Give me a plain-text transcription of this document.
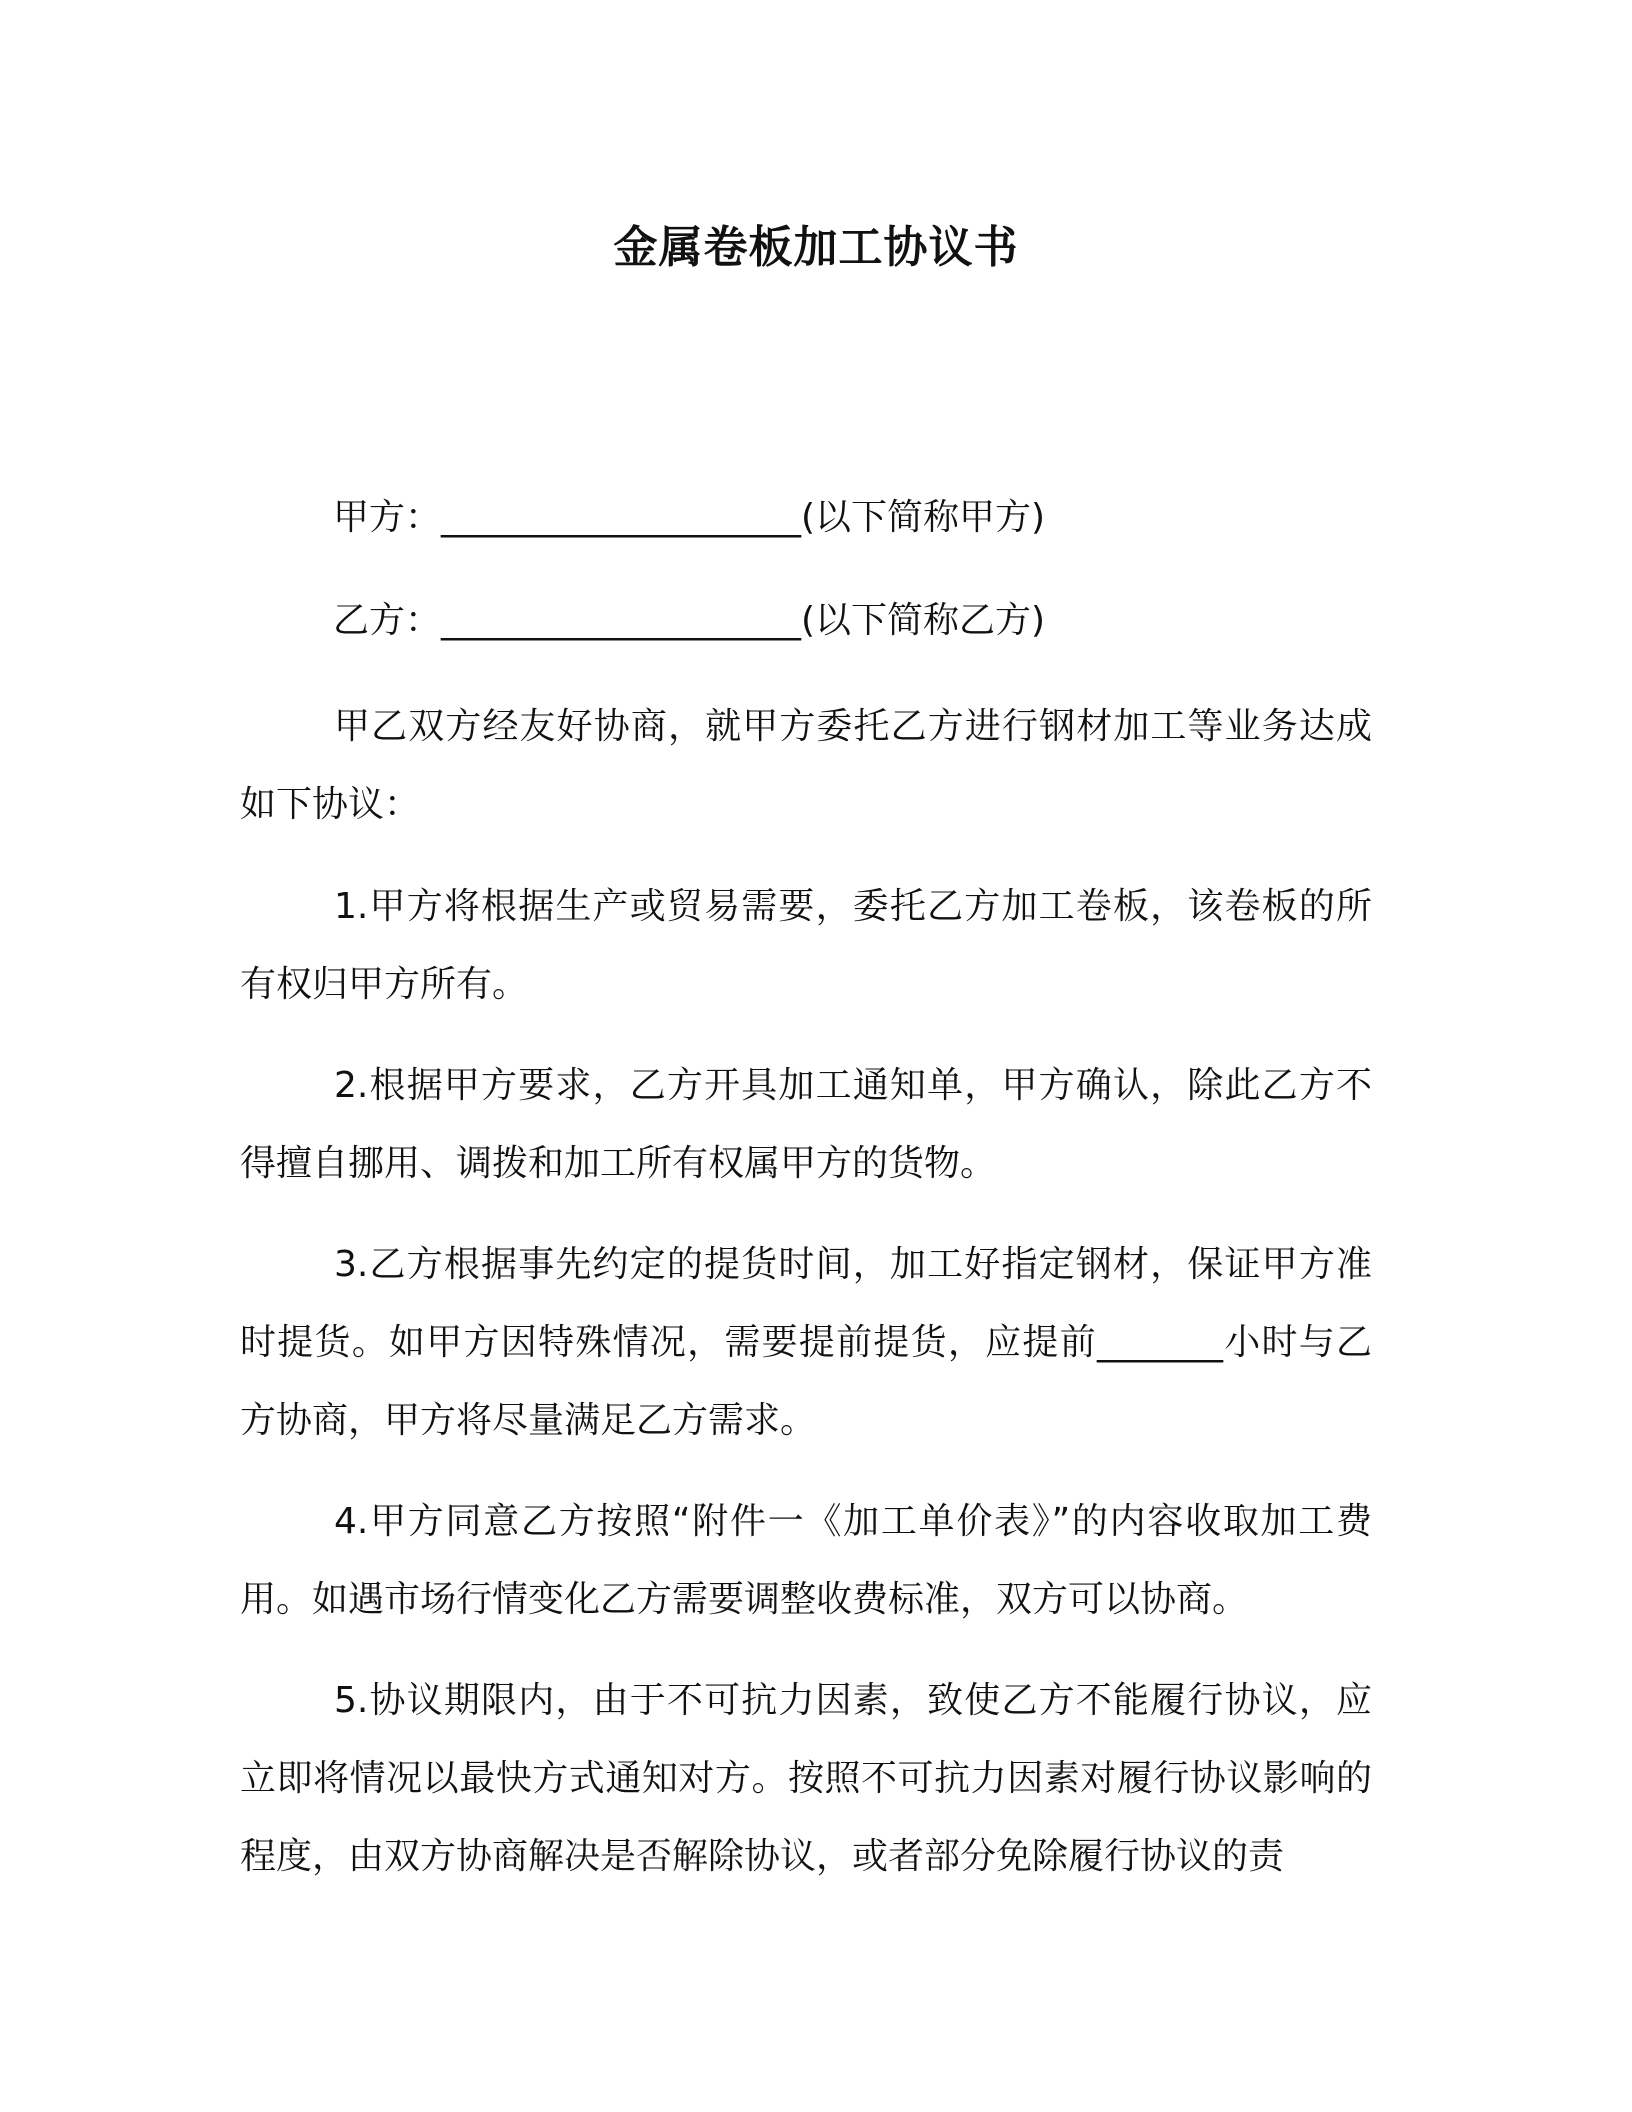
金属卷板加工协议书
甲方：____________________(以下简称甲方)
乙方：____________________(以下简称乙方)
甲乙双方经友好协商，就甲方委托乙方进行钢材加工等业务达成如下协议：
1.甲方将根据生产或贸易需要，委托乙方加工卷板，该卷板的所有权归甲方所有。
2.根据甲方要求，乙方开具加工通知单，甲方确认，除此乙方不得擅自挪用、调拨和加工所有权属甲方的货物。
3.乙方根据事先约定的提货时间，加工好指定钢材，保证甲方准时提货。如甲方因特殊情况，需要提前提货，应提前_______小时与乙方协商，甲方将尽量满足乙方需求。
4.甲方同意乙方按照“附件一《加工单价表》”的内容收取加工费用。如遇市场行情变化乙方需要调整收费标准，双方可以协商。
5.协议期限内，由于不可抗力因素，致使乙方不能履行协议，应立即将情况以最快方式通知对方。按照不可抗力因素对履行协议影响的程度，由双方协商解决是否解除协议，或者部分免除履行协议的责
